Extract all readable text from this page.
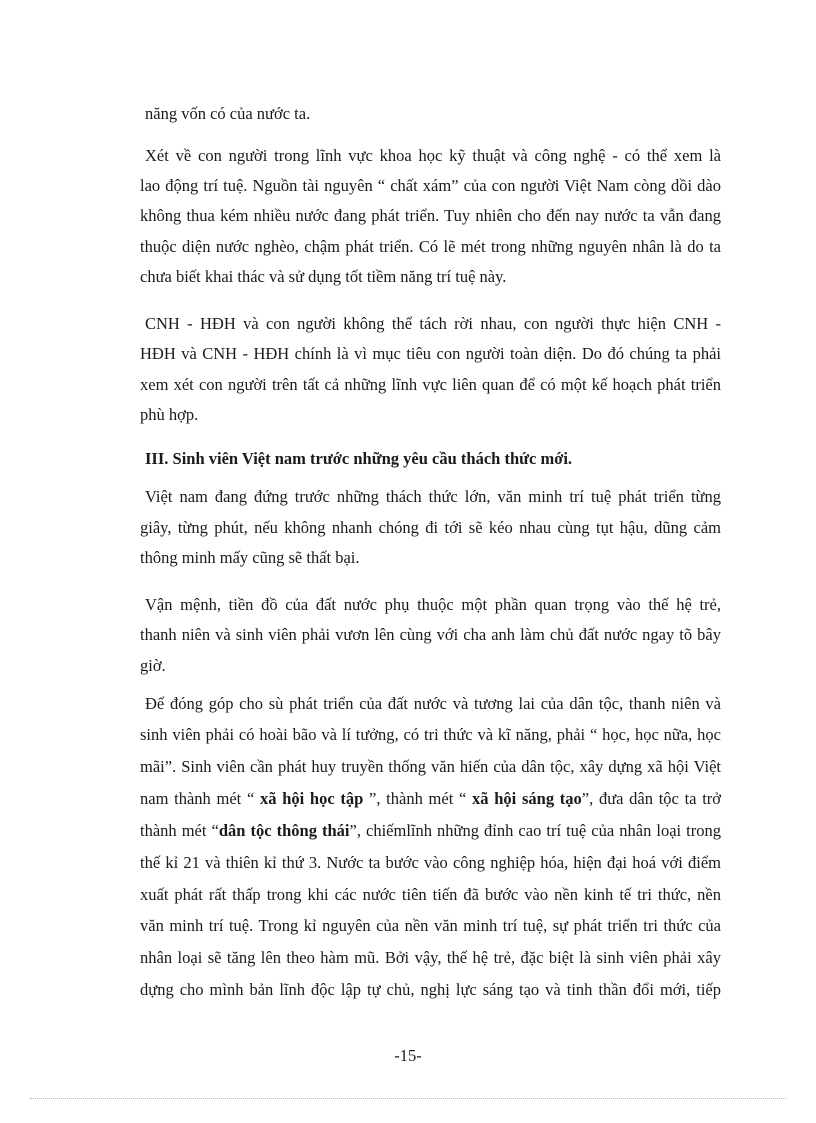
năng vốn có của nước ta.
Xét về con người trong lĩnh vực khoa học kỹ thuật và công nghệ - có thể xem là
lao động trí tuệ. Nguồn tài nguyên “ chất xám” của con người Việt Nam còng dồi dào
không thua kém nhiều nước đang phát triển. Tuy nhiên cho đến nay nước ta vẫn đang
thuộc diện nước nghèo, chậm phát triển. Có lẽ mét trong những nguyên nhân là do ta
chưa biết khai thác và sử dụng tốt tiềm năng trí tuệ này.
CNH - HĐH và con người không thể tách rời nhau, con người thực hiện CNH -
HĐH và CNH - HĐH chính là vì mục tiêu con người toàn diện. Do đó chúng ta phải
xem xét con người trên tất cả những lĩnh vực liên quan để có một kế hoạch phát triển
phù hợp.
III. Sinh viên Việt nam trước những yêu cầu thách thức mới.
Việt nam đang đứng trước những thách thức lớn, văn minh trí tuệ phát triển từng
giây, từng phút, nếu không nhanh chóng đi tới sẽ kéo nhau cùng tụt hậu, dũng cảm
thông minh mấy cũng sẽ thất bại.
Vận mệnh, tiền đồ của đất nước phụ thuộc một phần quan trọng vào thế hệ trẻ,
thanh niên và sinh viên phải vươn lên cùng với cha anh làm chủ đất nước ngay tõ bây
giờ.
Để đóng góp cho sù phát triển của đất nước và tương lai của dân tộc, thanh niên và
sinh viên phải có hoài bão và lí tưởng, có tri thức và kĩ năng, phải “ học, học nữa, học
mãi”. Sinh viên cần phát huy truyền thống văn hiến của dân tộc, xây dựng xã hội Việt
nam thành mét “ xã hội học tập ”, thành mét “ xã hội sáng tạo”, đưa dân tộc ta trở
thành mét “dân tộc thông thái”, chiếmlĩnh những đỉnh cao trí tuệ của nhân loại trong
thế kỉ 21 và thiên kỉ thứ 3. Nước ta bước vào công nghiệp hóa, hiện đại hoá với điểm
xuất phát rất thấp trong khi các nước tiên tiến đã bước vào nền kinh tế tri thức, nền
văn minh trí tuệ. Trong kỉ nguyên của nền văn minh trí tuệ, sự phát triển tri thức của
nhân loại sẽ tăng lên theo hàm mũ. Bởi vậy, thế hệ trẻ, đặc biệt là sinh viên phải xây
dựng cho mình bản lĩnh độc lập tự chủ, nghị lực sáng tạo và tinh thần đổi mới, tiếp
-15-
